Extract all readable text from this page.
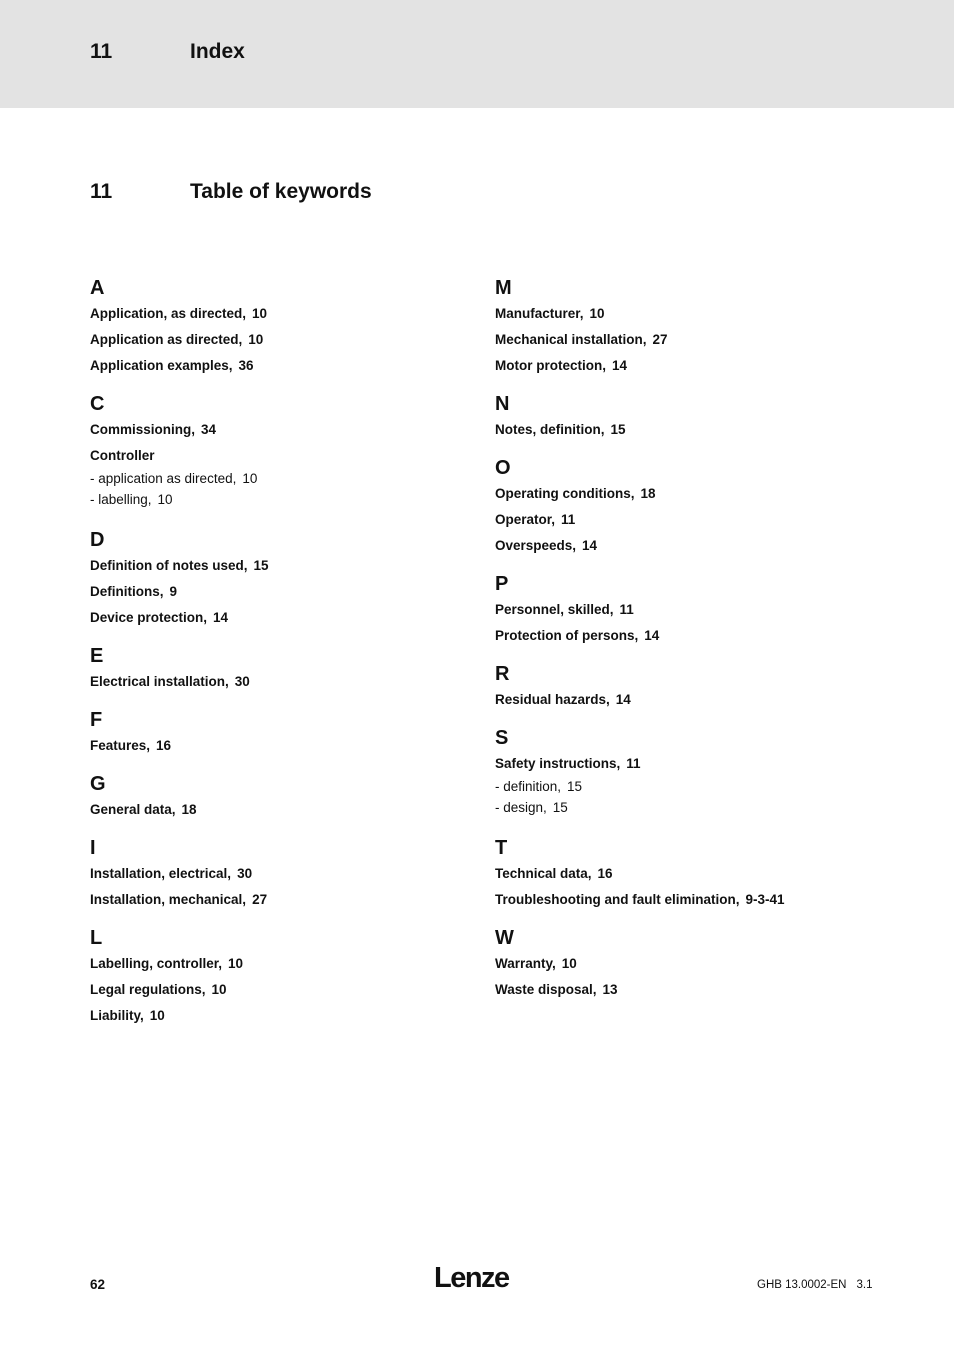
11	Index
11	Table of keywords
A
Application, as directed, 10
Application as directed, 10
Application examples, 36
C
Commissioning, 34
Controller
- application as directed, 10
- labelling, 10
D
Definition of notes used, 15
Definitions, 9
Device protection, 14
E
Electrical installation, 30
F
Features, 16
G
General data, 18
I
Installation, electrical, 30
Installation, mechanical, 27
L
Labelling, controller, 10
Legal regulations, 10
Liability, 10
M
Manufacturer, 10
Mechanical installation, 27
Motor protection, 14
N
Notes, definition, 15
O
Operating conditions, 18
Operator, 11
Overspeeds, 14
P
Personnel, skilled, 11
Protection of persons, 14
R
Residual hazards, 14
S
Safety instructions, 11
- definition, 15
- design, 15
T
Technical data, 16
Troubleshooting and fault elimination, 9-3-41
W
Warranty, 10
Waste disposal, 13
62	Lenze	GHB 13.0002-EN 3.1
